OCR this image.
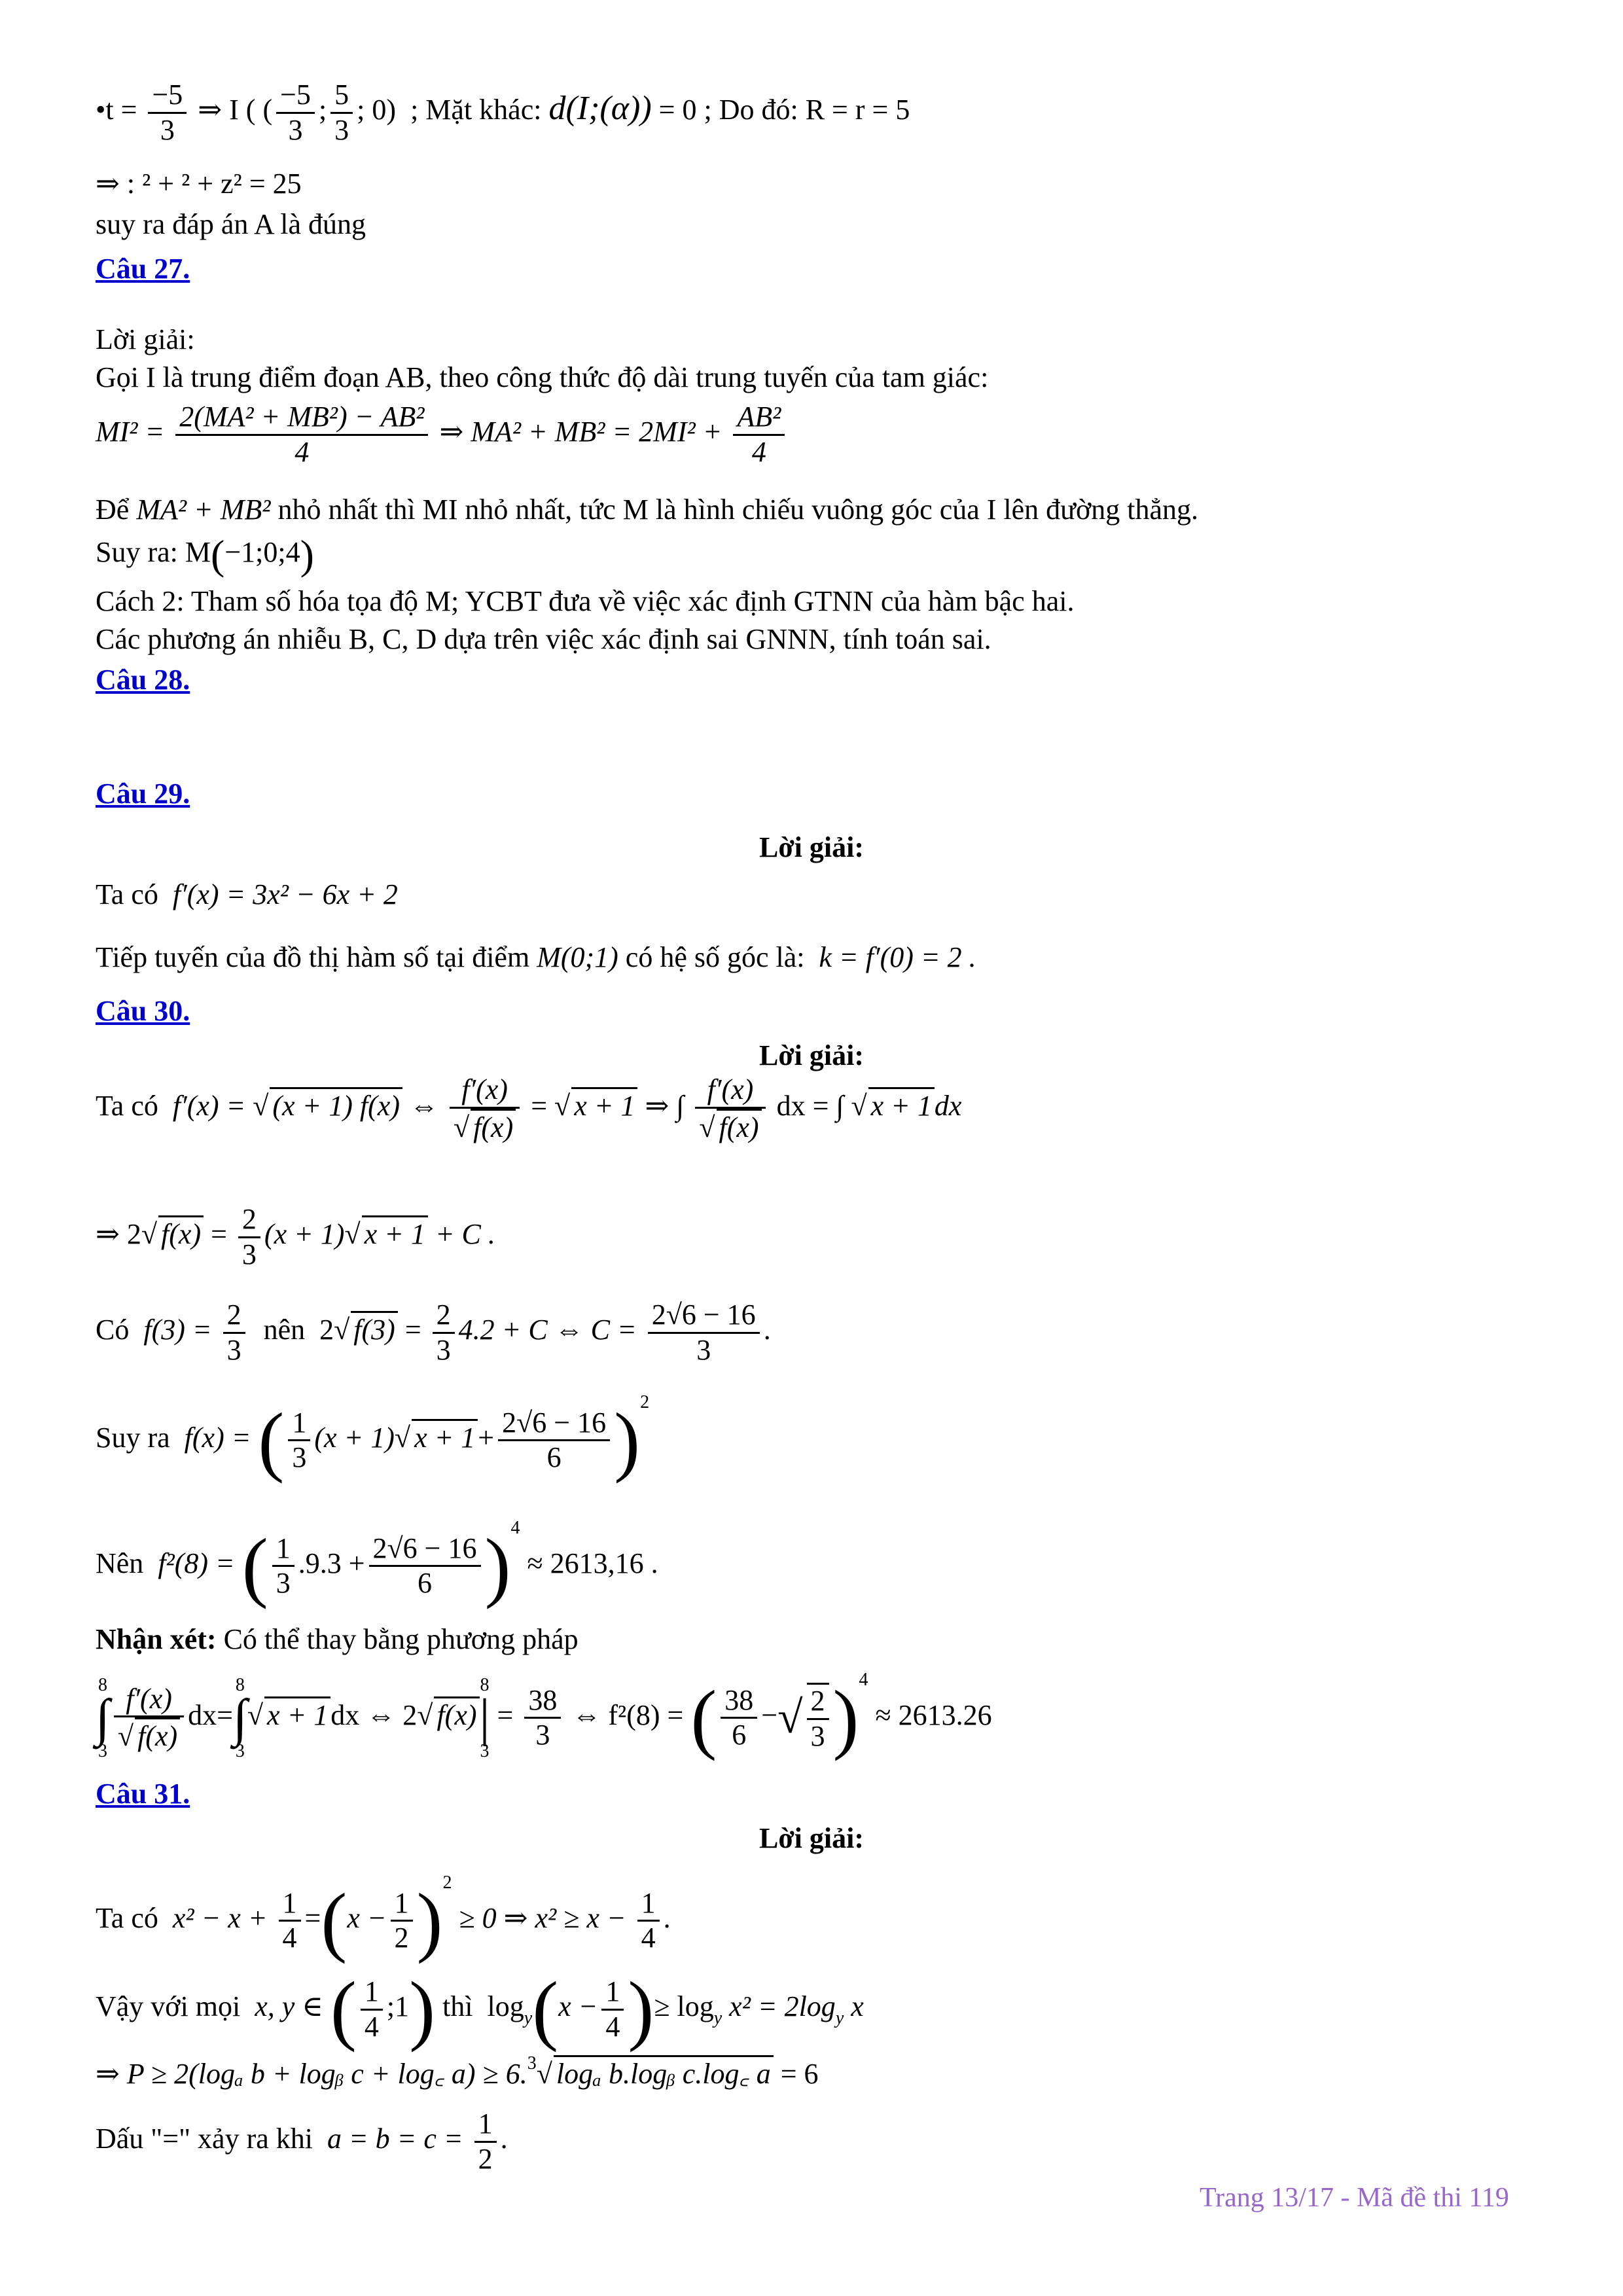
•t = $\frac{-5}{3}$ ⇒ I ( ( $\frac{-5}{3}$ ; $\frac{5}{3}$ ; 0) ; Mặt khác: d(I;(α)) = 0 ; Do đó: R = r = 5
⇒ : ² + ² + z² = 25
suy ra đáp án A là đúng
Câu 27.
Lời giải:
Gọi I là trung điểm đoạn AB, theo công thức độ dài trung tuyến của tam giác:
$MI^2 = \frac{\text{2(MA² + MB²) − AB²}}{4}$ ⇒ $MA^2 + MB^2 = 2MI^2 + \frac{\text{AB²}}{4}$
Để MA² + MB² nhỏ nhất thì MI nhỏ nhất, tức M là hình chiếu vuông góc của I lên đường thẳng.
Suy ra: M(−1;0;4)
Cách 2: Tham số hóa tọa độ M; YCBT đưa về việc xác định GTNN của hàm bậc hai.
Các phương án nhiễu B, C, D dựa trên việc xác định sai GNNN, tính toán sai.
Câu 28.
Câu 29.
Lời giải:
Ta có f′(x) = 3x² − 6x + 2
Tiếp tuyến của đồ thị hàm số tại điểm M(0;1) có hệ số góc là: k = f′(0) = 2 .
Câu 30.
Lời giải:
Ta có f′(x) = √ (x + 1) f(x) ⇔ f′(x)
√ f(x) = √ x + 1 ⇒ ∫ f′(x)
√ f(x) dx = ∫ √ x + 1dx
⇒ 2√ $f(x) = \frac{2}{3} (x + 1)√$ x + 1 + C .
Có $f(3) = \frac{2}{3}$ nên 2√ $f(3) = \frac{2}{3} 4.2 + C$ ⇔ $C = \frac{2√6 - 16}{3}$ .
Suy ra f(x) = ( $\frac{1}{3} (x + 1)√$ $x + 1+ \frac{2√6 - 16}{6} )^2$
Nên f²(8) = ( $\frac{1}{3} .9.3 + \frac{2√6 - 16}{6} )^4 \approx 2613,16$ .
Nhận xét: Có thể thay bằng phương pháp
8
∫
3 f′(x)
√ f(x) dx=8
∫
3√ x + 1dx ⇔ 2√ f(x)8
|
$3 = \frac{38}{3}$ ⇔ f²(8) = ( $\frac{38}{6}$ −√ $\frac{2}{3} )^4 \approx 2613.26$
Câu 31.
Lời giải:
Ta có $x^2 - x + \frac{1}{4} =(x - \frac{1}{2} )^2 \ge 0$ ⇒ $x^2 \ge x - \frac{1}{4}$ .
Vậy với mọi x, y ∈ ( $\frac{1}{4}$ ;1) thì $\log_y(x - \frac{1}{4}$ )≥ $\log_y x^2 = 2\log_y$ x
⇒ P ≥ 2(logₐ b + logᵦ c + log꜀ a) ≥ 6.$^3$√ logₐ b.logᵦ c.log꜀ a = 6
Dấu "=" xảy ra khi $a = b = c = \frac{1}{2}$ .
Trang 13/17 - Mã đề thi 119
